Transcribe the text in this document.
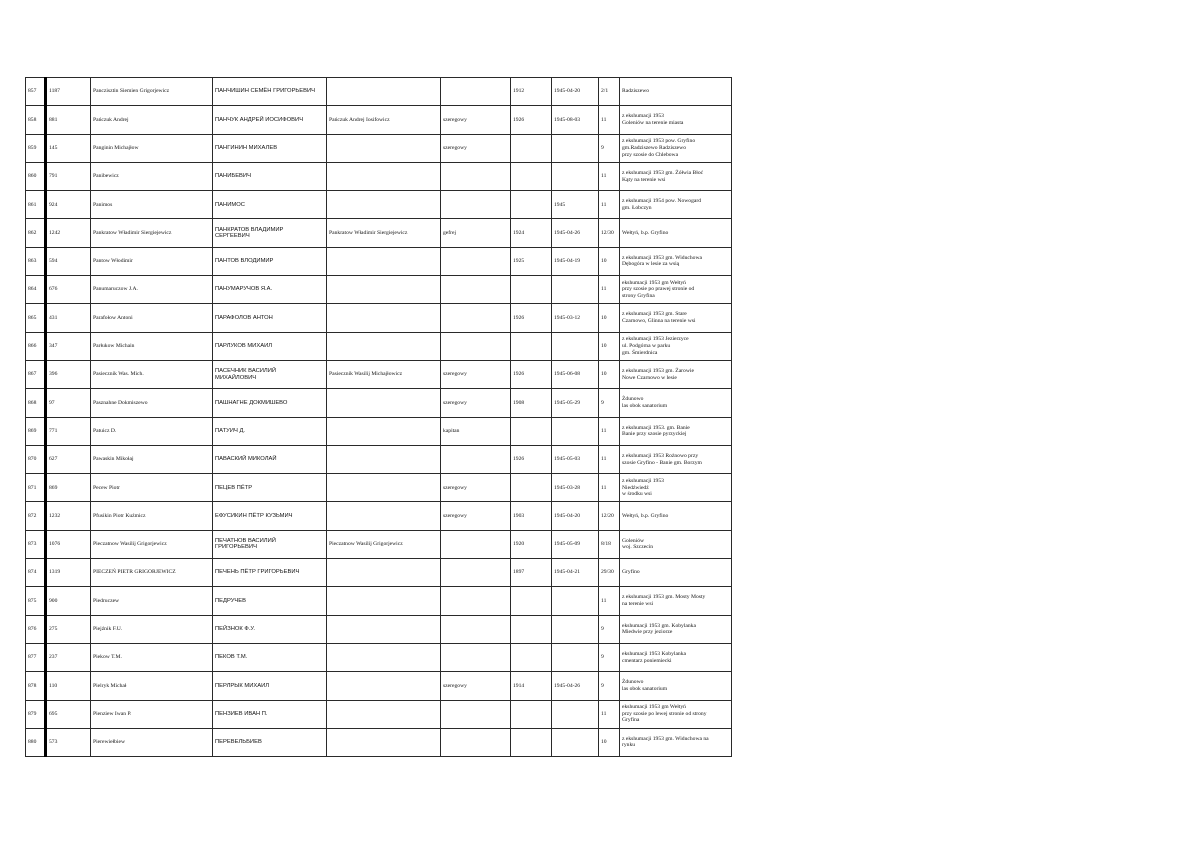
857	1187	Panczisztin Siemien Grigorjewicz	ПАНЧИШИН СЕМЁН ГРИГОРЬЕВИЧ			1912	1945-04-20	2/1	Radziszewo
858	881	Pańczuk Andrej	ПАНЧУК АНДРЕЙ ИОСИФОВИЧ	Pańczuk Andrej Iosifowicz	szeregowy	1926	1945-08-03	11	z ekshumacji 1953
Goleniów na terenie miasta
859	145	Panginin Michajłow	ПАНГИНИН МИХАЛЕВ		szeregowy			9	z ekshumacji 1953 pow. Gryfino
gm.Radziszewo Radziszewo
przy szosie do Chlebowa
860	791	Panibewicz	ПАНИБЕВИЧ					11	z ekshumacji 1953 gm. Żółwia Błoć
Kąty na terenie wsi
861	924	Panimos	ПАНИМОС				1945	11	z ekshumacji 1954 pow. Nowogard
gm. Łobczyn
862	1242	Pankratow Władimir Siergiejewicz	ПАНКРАТОВ ВЛАДИМИР
СЕРГЕЕВИЧ	Pankratow Władimir Siergiejewicz	gefrej	1924	1945-04-26	12/30	Wełtyń, b.p. Gryfino
863	594	Pantow Włodimir	ПАНТОВ ВЛОДИМИР			1925	1945-04-19	10	z ekshumacji 1953 gm. Widuchowa
Dębogóra w lesie za wsią
864	676	Panumaruczow J.A.	ПАНУМАРУЧОВ Я.А.					11	ekshumacji 1953 gm Wełtyń
przy szosie po prawej stronie od
strony Gryfina
865	431	Parafołow Antoni	ПАРАФОЛОВ АНТОН			1926	1945-03-12	10	z ekshumacji 1953 gm. Stare
Czarnowo, Glinna na terenie wsi
866	347	Parłukow Michain	ПАРЛУКОВ МИХАИЛ					10	z ekshumacji 1953 Jezierzyce
ul. Podgórna w parku
gm. Śmierdnica
867	396	Pasiecznik Was. Mich.	ПАСЕЧНИК ВАСИЛИЙ
МИХАЙЛОВИЧ	Pasiecznik Wasilij Michajłowicz	szeregowy	1926	1945-06-08	10	z ekshumacji 1953 gm. Żarowie
Nowe Czarnowo w lesie
868	97	Pasznahne Dokmiszewo	ПАШНАГНЕ ДОКМИШЕВО		szeregowy	1908	1945-05-29	9	Żdunowo
las obok sanatorium
869	771	Patuicz D.	ПАТУИЧ Д.		kapitan			11	z ekshumacji 1953. gm. Banie
Banie przy szosie pyrzyckiej
870	627	Pawaskin Mikołaj	ПАВАСКИЙ МИКОЛАЙ			1926	1945-05-03	11	z ekshumacji 1953 Rożnowo przy
szosie Gryfino - Banie gm. Borzym
871	869	Pecew Piotr	ПЕЦЕВ ПЁТР		szeregowy		1945-03-28	11	z ekshumacji 1953
Niedźwiedź
w środku wsi
872	1232	Pfusikin Piotr Kuźmicz	ЕФУСИКИН ПЁТР КУЗЬМИЧ		szeregowy	1903	1945-04-20	12/20	Wełtyń, b.p. Gryfino
873	1076	Pieczatnow Wasilij Grigorjewicz	ПЕЧАТНОВ ВАСИЛИЙ
ГРИГОРЬЕВИЧ	Pieczatnow Wasilij Grigorjewicz		1920	1945-05-09	8/18	Goleniów
woj. Szczecin
874	1319	PIECZEŃ PIETR GRIGORJEWICZ	ПЕЧЕНЬ ПЁТР ГРИГОРЬЕВИЧ			1897	1945-04-21	29/30	Gryfino
875	900	Piedruczew	ПЕДРУЧЕВ					11	z ekshumacji 1953 gm. Mosty Mosty
na terenie wsi
876	275	Piejźnik F.U.	ПЕЙЗНОК Ф.У.					9	ekshumacji 1953 gm. Kobylanka
Miedwie przy jeziorze
877	237	Piekow T.M.	ПЕКОВ Т.М.					9	ekshumacji 1953 Kobylanka
cmentarz poniemiecki
878	110	Pielryk Michał	ПЕРЛРЫК МИХАИЛ		szeregowy	1914	1945-04-26	9	Żdunowo
las obok sanatorium
879	695	Pienziew Iwan P.	ПЕНЗИЕВ ИВАН П.					11	ekshumacji 1953 gm Wełtyń
przy szosie po lewej stronie od strony
Gryfina
880	573	Pierewiełbiew	ПЕРЕВЕЛЬБИЕВ					10	z ekshumacji 1953 gm. Widuchowa na
rynku
